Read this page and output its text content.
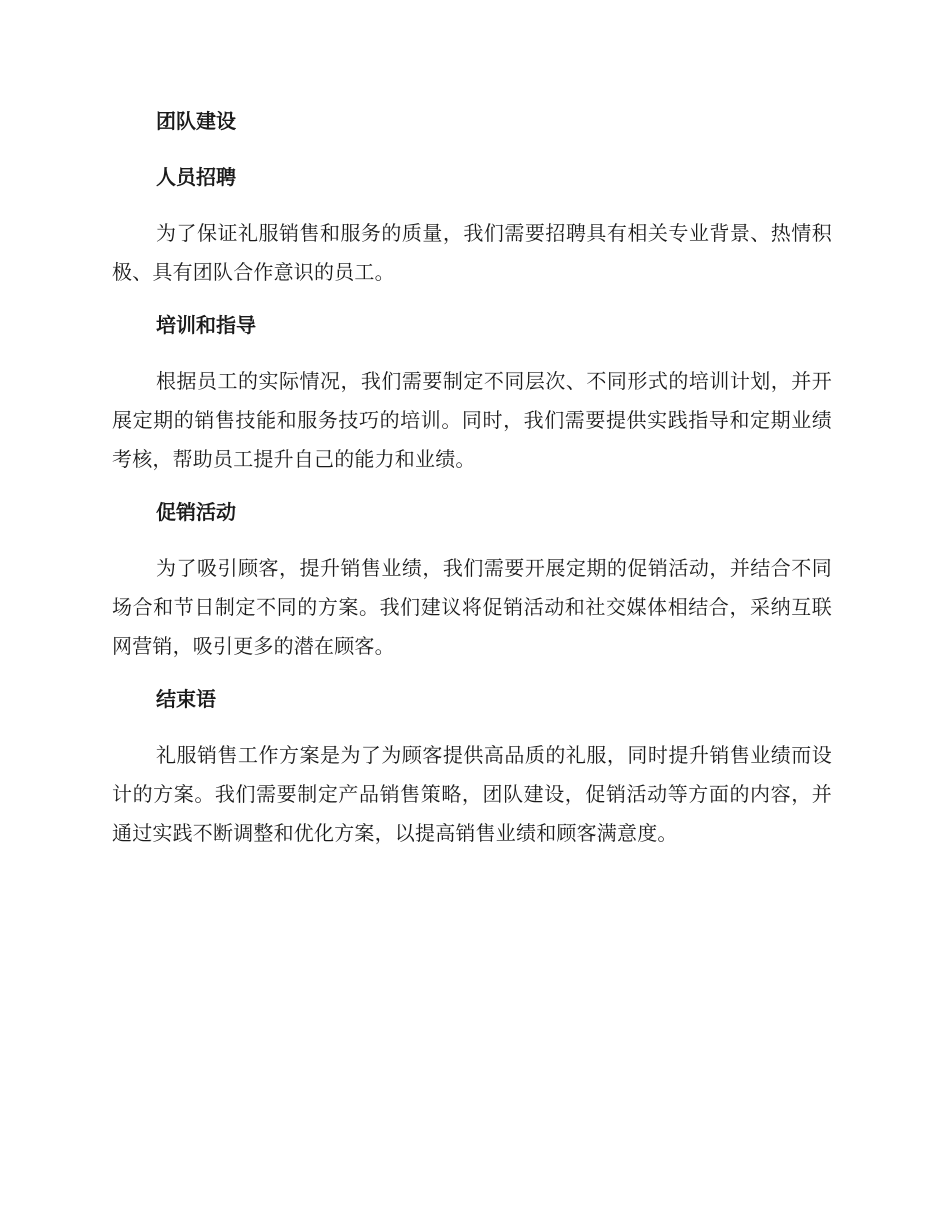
团队建设
人员招聘

为了保证礼服销售和服务的质量，我们需要招聘具有相关专业背景、热情积极、具有团队合作意识的员工。

培训和指导

根据员工的实际情况，我们需要制定不同层次、不同形式的培训计划，并开展定期的销售技能和服务技巧的培训。同时，我们需要提供实践指导和定期业绩考核，帮助员工提升自己的能力和业绩。

促销活动

为了吸引顾客，提升销售业绩，我们需要开展定期的促销活动，并结合不同场合和节日制定不同的方案。我们建议将促销活动和社交媒体相结合，采纳互联网营销，吸引更多的潜在顾客。

结束语

礼服销售工作方案是为了为顾客提供高品质的礼服，同时提升销售业绩而设计的方案。我们需要制定产品销售策略，团队建设，促销活动等方面的内容，并通过实践不断调整和优化方案，以提高销售业绩和顾客满意度。
